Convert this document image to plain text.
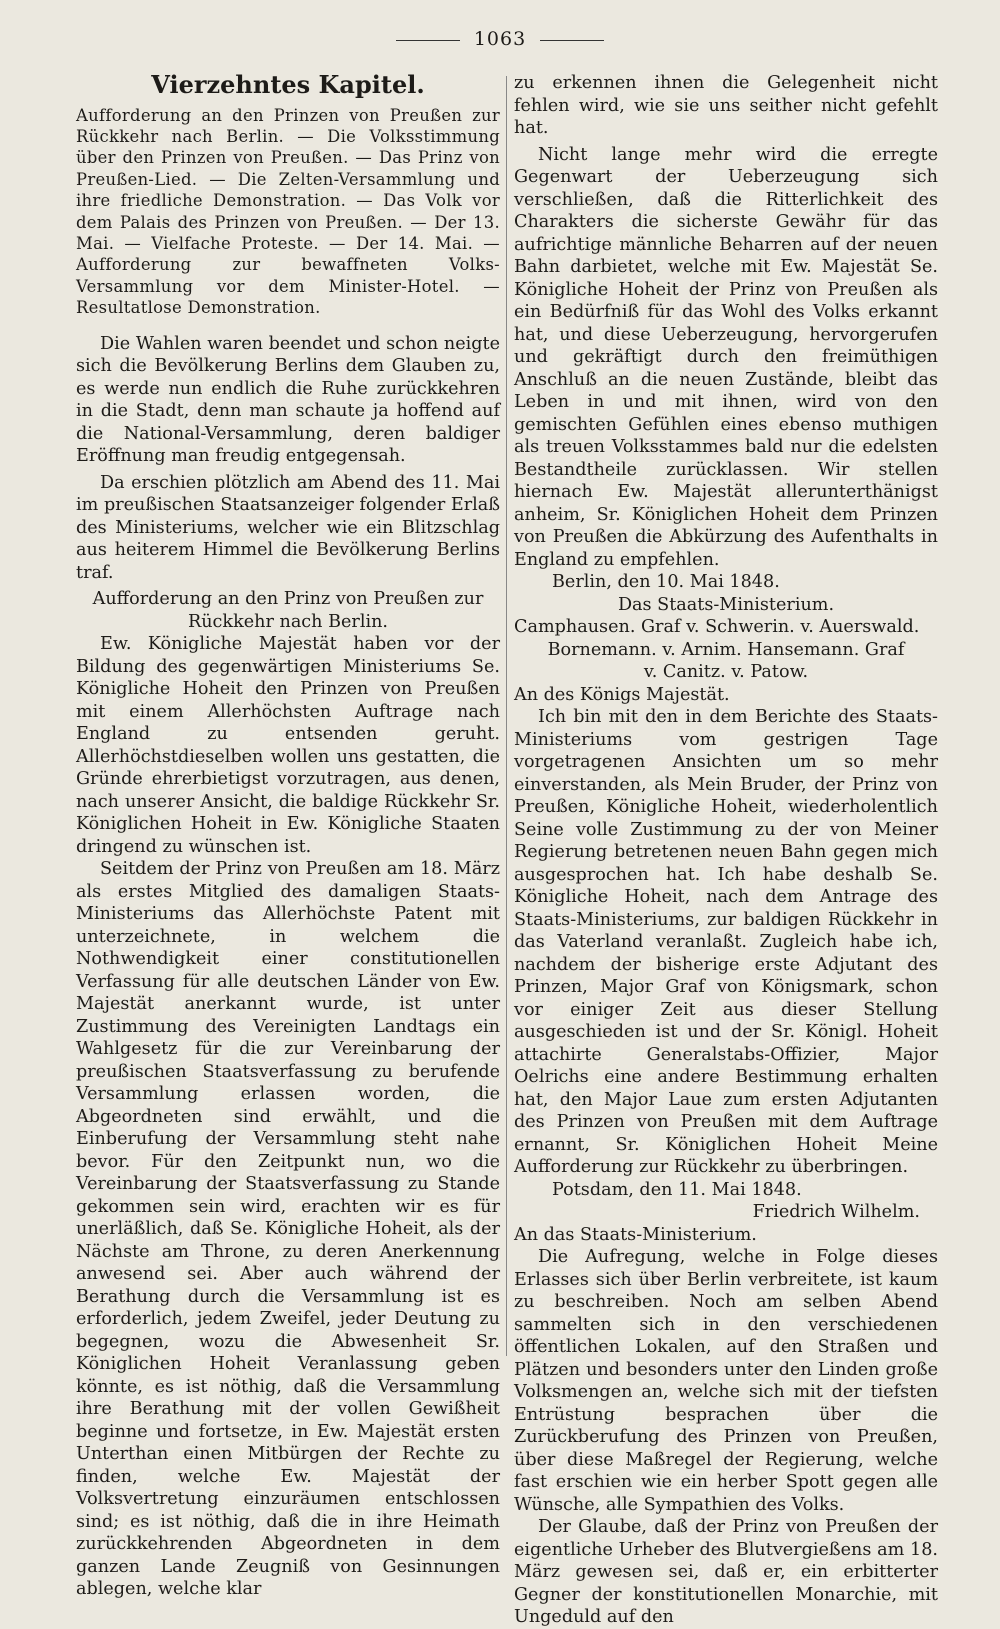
1063
Vierzehntes Kapitel.

Aufforderung an den Prinzen von Preußen zur Rückkehr nach Berlin. — Die Volksstimmung über den Prinzen von Preußen. — Das Prinz von Preußen-Lied. — Die Zelten-Versammlung und ihre friedliche Demonstration. — Das Volk vor dem Palais des Prinzen von Preußen. — Der 13. Mai. — Vielfache Proteste. — Der 14. Mai. — Aufforderung zur bewaffneten Volks-Versammlung vor dem Minister-Hotel. — Resultatlose Demonstration.

Die Wahlen waren beendet und schon neigte sich die Bevölkerung Berlins dem Glauben zu, es werde nun endlich die Ruhe zurückkehren in die Stadt, denn man schaute ja hoffend auf die National-Versammlung, deren baldiger Eröffnung man freudig entgegensah.

Da erschien plötzlich am Abend des 11. Mai im preußischen Staatsanzeiger folgender Erlaß des Ministeriums, welcher wie ein Blitzschlag aus heiterem Himmel die Bevölkerung Berlins traf.

Aufforderung an den Prinz von Preußen zur Rückkehr nach Berlin.

Ew. Königliche Majestät haben vor der Bildung des gegenwärtigen Ministeriums Se. Königliche Hoheit den Prinzen von Preußen mit einem Allerhöchsten Auftrage nach England zu entsenden geruht. Allerhöchstdieselben wollen uns gestatten, die Gründe ehrerbietigst vorzutragen, aus denen, nach unserer Ansicht, die baldige Rückkehr Sr. Königlichen Hoheit in Ew. Königliche Staaten dringend zu wünschen ist.

Seitdem der Prinz von Preußen am 18. März als erstes Mitglied des damaligen Staats-Ministeriums das Allerhöchste Patent mit unterzeichnete, in welchem die Nothwendigkeit einer constitutionellen Verfassung für alle deutschen Länder von Ew. Majestät anerkannt wurde, ist unter Zustimmung des Vereinigten Landtags ein Wahlgesetz für die zur Vereinbarung der preußischen Staatsverfassung zu berufende Versammlung erlassen worden, die Abgeordneten sind erwählt, und die Einberufung der Versammlung steht nahe bevor. Für den Zeitpunkt nun, wo die Vereinbarung der Staatsverfassung zu Stande gekommen sein wird, erachten wir es für unerläßlich, daß Se. Königliche Hoheit, als der Nächste am Throne, zu deren Anerkennung anwesend sei. Aber auch während der Berathung durch die Versammlung ist es erforderlich, jedem Zweifel, jeder Deutung zu begegnen, wozu die Abwesenheit Sr. Königlichen Hoheit Veranlassung geben könnte, es ist nöthig, daß die Versammlung ihre Berathung mit der vollen Gewißheit beginne und fortsetze, in Ew. Majestät ersten Unterthan einen Mitbürgen der Rechte zu finden, welche Ew. Majestät der Volksvertretung einzuräumen entschlossen sind; es ist nöthig, daß die in ihre Heimath zurückkehrenden Abgeordneten in dem ganzen Lande Zeugniß von Gesinnungen ablegen, welche klar

zu erkennen ihnen die Gelegenheit nicht fehlen wird, wie sie uns seither nicht gefehlt hat.

Nicht lange mehr wird die erregte Gegenwart der Ueberzeugung sich verschließen, daß die Ritterlichkeit des Charakters die sicherste Gewähr für das aufrichtige männliche Beharren auf der neuen Bahn darbietet, welche mit Ew. Majestät Se. Königliche Hoheit der Prinz von Preußen als ein Bedürfniß für das Wohl des Volks erkannt hat, und diese Ueberzeugung, hervorgerufen und gekräftigt durch den freimüthigen Anschluß an die neuen Zustände, bleibt das Leben in und mit ihnen, wird von den gemischten Gefühlen eines ebenso muthigen als treuen Volksstammes bald nur die edelsten Bestandtheile zurücklassen. Wir stellen hiernach Ew. Majestät allerunterthänigst anheim, Sr. Königlichen Hoheit dem Prinzen von Preußen die Abkürzung des Aufenthalts in England zu empfehlen.

Berlin, den 10. Mai 1848.

Das Staats-Ministerium.

Camphausen. Graf v. Schwerin. v. Auerswald.

Bornemann. v. Arnim. Hansemann. Graf

v. Canitz. v. Patow.

An des Königs Majestät.

Ich bin mit den in dem Berichte des Staats-Ministeriums vom gestrigen Tage vorgetragenen Ansichten um so mehr einverstanden, als Mein Bruder, der Prinz von Preußen, Königliche Hoheit, wiederholentlich Seine volle Zustimmung zu der von Meiner Regierung betretenen neuen Bahn gegen mich ausgesprochen hat. Ich habe deshalb Se. Königliche Hoheit, nach dem Antrage des Staats-Ministeriums, zur baldigen Rückkehr in das Vaterland veranlaßt. Zugleich habe ich, nachdem der bisherige erste Adjutant des Prinzen, Major Graf von Königsmark, schon vor einiger Zeit aus dieser Stellung ausgeschieden ist und der Sr. Königl. Hoheit attachirte Generalstabs-Offizier, Major Oelrichs eine andere Bestimmung erhalten hat, den Major Laue zum ersten Adjutanten des Prinzen von Preußen mit dem Auftrage ernannt, Sr. Königlichen Hoheit Meine Aufforderung zur Rückkehr zu überbringen.

Potsdam, den 11. Mai 1848.

Friedrich Wilhelm.

An das Staats-Ministerium.

Die Aufregung, welche in Folge dieses Erlasses sich über Berlin verbreitete, ist kaum zu beschreiben. Noch am selben Abend sammelten sich in den verschiedenen öffentlichen Lokalen, auf den Straßen und Plätzen und besonders unter den Linden große Volksmengen an, welche sich mit der tiefsten Entrüstung besprachen über die Zurückberufung des Prinzen von Preußen, über diese Maßregel der Regierung, welche fast erschien wie ein herber Spott gegen alle Wünsche, alle Sympathien des Volks.

Der Glaube, daß der Prinz von Preußen der eigentliche Urheber des Blutvergießens am 18. März gewesen sei, daß er, ein erbitterter Gegner der konstitutionellen Monarchie, mit Ungeduld auf den
